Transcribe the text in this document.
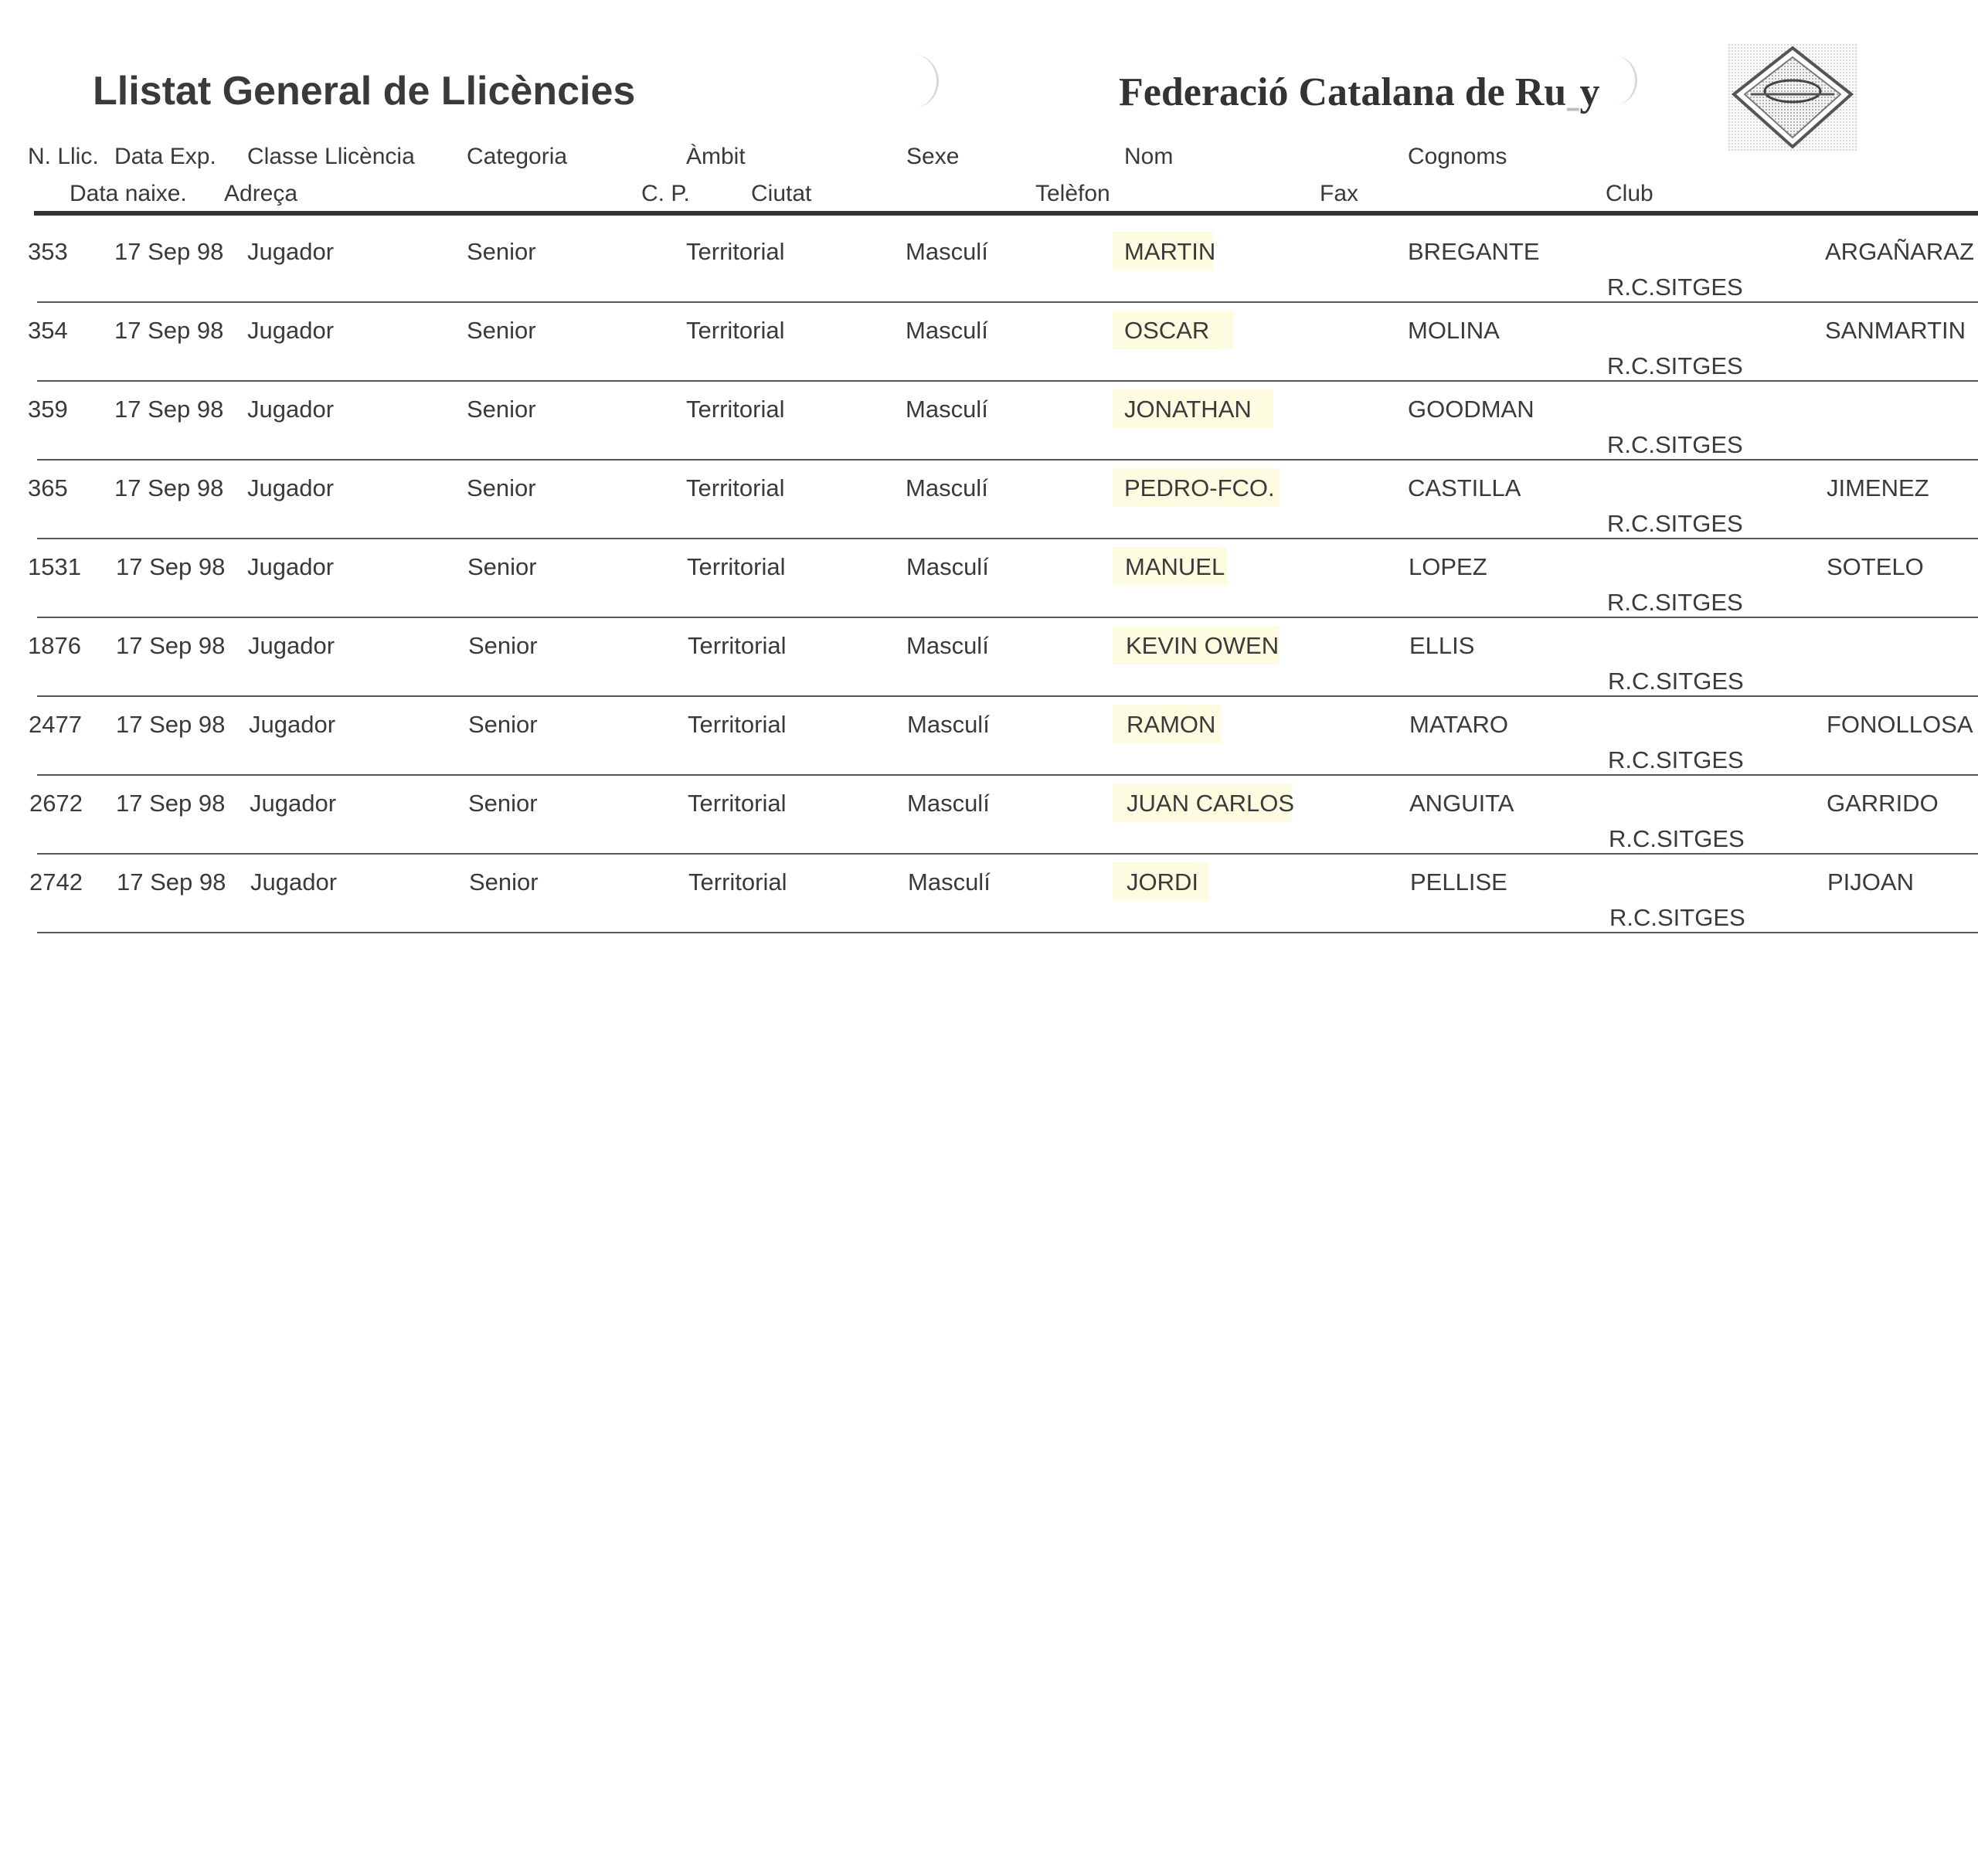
Llistat General de Llicències	Federació Catalana de Ruˍy
N. Llic. Data Exp. Classe Llicència Categoria	Àmbit	Sexe	Nom	Cognoms
Data naixe. Adreça	C. P.	Ciutat	Telèfon	Fax	Club
353 17 Sep 98 Jugador	Senior	Territorial	Masculí	MARTIN	BREGANTE	ARGAÑARAZ
R.C.SITGES
354 17 Sep 98 Jugador	Senior	Territorial	Masculí	OSCAR	MOLINA	SANMARTIN
R.C.SITGES
359 17 Sep 98 Jugador	Senior	Territorial	Masculí	JONATHAN	GOODMAN
R.C.SITGES
365 17 Sep 98 Jugador	Senior	Territorial	Masculí	PEDRO-FCO.	CASTILLA	JIMENEZ
R.C.SITGES
1531 17 Sep 98 Jugador	Senior	Territorial	Masculí	MANUEL	LOPEZ	SOTELO
R.C.SITGES
1876 17 Sep 98 Jugador	Senior	Territorial	Masculí	KEVIN OWEN	ELLIS
R.C.SITGES
2477 17 Sep 98 Jugador	Senior	Territorial	Masculí	RAMON	MATARO	FONOLLOSA
R.C.SITGES
2672 17 Sep 98 Jugador	Senior	Territorial	Masculí	JUAN CARLOS	ANGUITA	GARRIDO
R.C.SITGES
2742 17 Sep 98 Jugador	Senior	Territorial	Masculí	JORDI	PELLISE	PIJOAN
R.C.SITGES
